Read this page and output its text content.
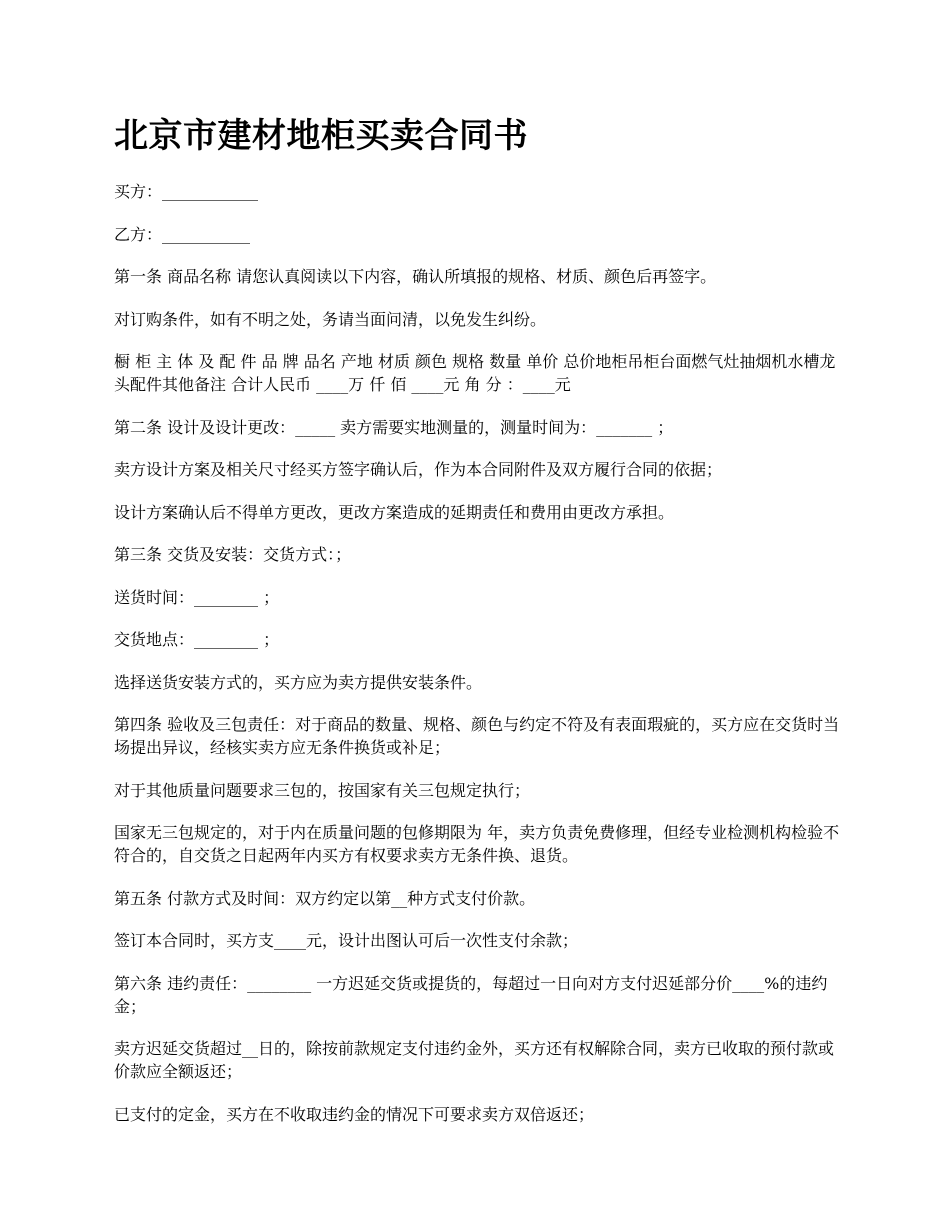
北京市建材地柜买卖合同书

买方：____________

乙方：___________

第一条 商品名称 请您认真阅读以下内容，确认所填报的规格、材质、颜色后再签字。

对订购条件，如有不明之处，务请当面问清，以免发生纠纷。

橱 柜 主 体 及 配 件 品 牌 品名 产地 材质 颜色 规格 数量 单价 总价地柜吊柜台面燃气灶抽烟机水槽龙头配件其他备注 合计人民币 ____万 仟 佰 ____元 角 分 ：____元

第二条 设计及设计更改：_____ 卖方需要实地测量的，测量时间为：_______ ；

卖方设计方案及相关尺寸经买方签字确认后，作为本合同附件及双方履行合同的依据；

设计方案确认后不得单方更改，更改方案造成的延期责任和费用由更改方承担。

第三条 交货及安装：交货方式：；

送货时间：________ ；

交货地点：________ ；

选择送货安装方式的，买方应为卖方提供安装条件。

第四条 验收及三包责任：对于商品的数量、规格、颜色与约定不符及有表面瑕疵的，买方应在交货时当场提出异议，经核实卖方应无条件换货或补足；

对于其他质量问题要求三包的，按国家有关三包规定执行；

国家无三包规定的，对于内在质量问题的包修期限为 年，卖方负责免费修理，但经专业检测机构检验不符合的，自交货之日起两年内买方有权要求卖方无条件换、退货。

第五条 付款方式及时间：双方约定以第__种方式支付价款。

签订本合同时，买方支____元，设计出图认可后一次性支付余款；

第六条 违约责任：________ 一方迟延交货或提货的，每超过一日向对方支付迟延部分价____%的违约金；

卖方迟延交货超过__日的，除按前款规定支付违约金外，买方还有权解除合同，卖方已收取的预付款或价款应全额返还；

已支付的定金，买方在不收取违约金的情况下可要求卖方双倍返还；
